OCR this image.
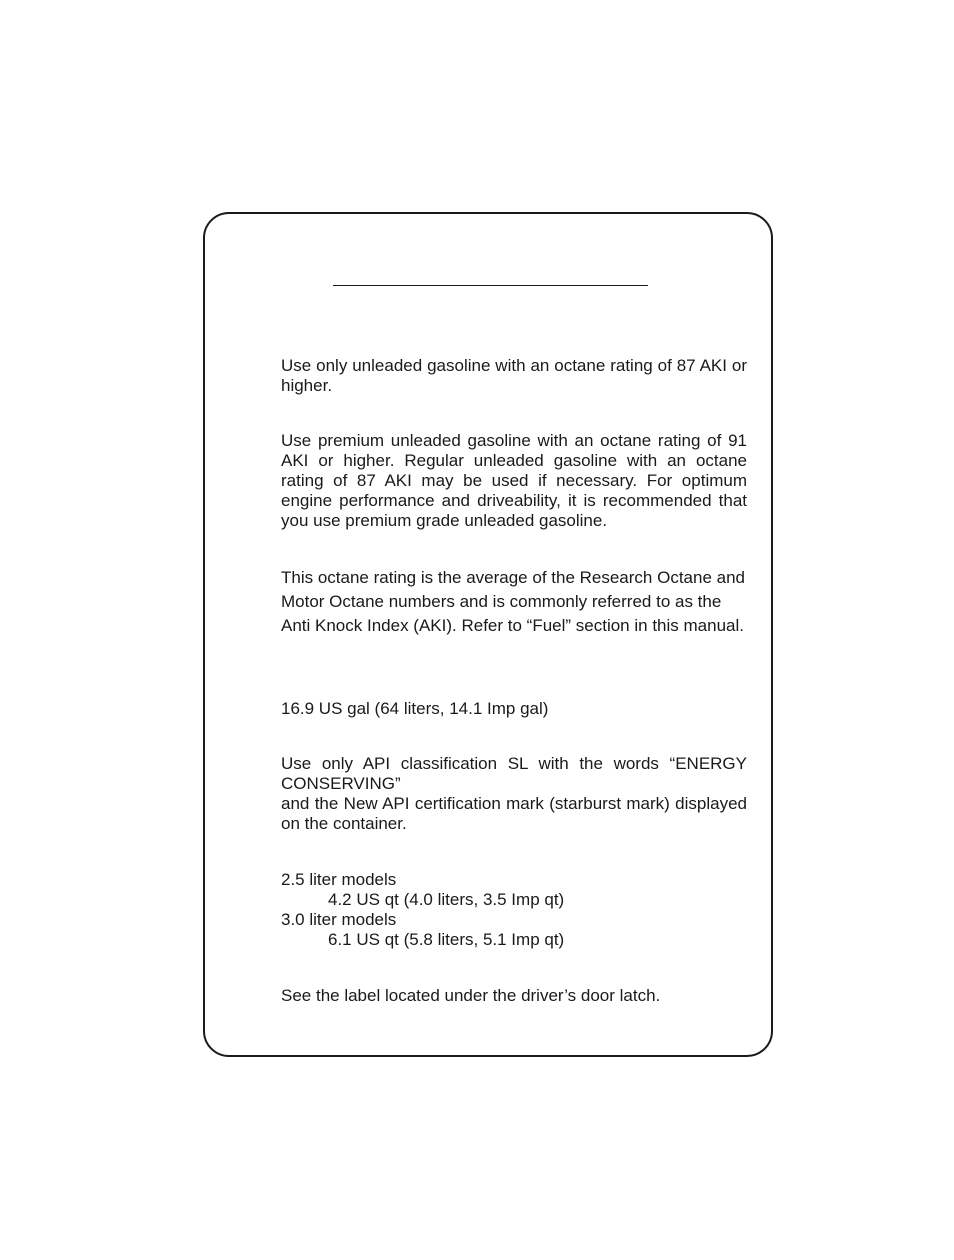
Use only unleaded gasoline with an octane rating of 87 AKI or higher.

Use premium unleaded gasoline with an octane rating of 91 AKI or higher. Regular unleaded gasoline with an octane rating of 87 AKI may be used if necessary. For optimum engine performance and driveability, it is recommended that you use premium grade unleaded gasoline.

This octane rating is the average of the Research Octane and Motor Octane numbers and is commonly referred to as the Anti Knock Index (AKI). Refer to “Fuel” section in this manual.

16.9 US gal (64 liters, 14.1 Imp gal)

Use only API classification SL with the words “ENERGY CONSERVING”
and the New API certification mark (starburst mark) displayed on the container.
2.5 liter models
4.2 US qt (4.0 liters, 3.5 Imp qt)
3.0 liter models
6.1 US qt (5.8 liters, 5.1 Imp qt)

See the label located under the driver’s door latch.
